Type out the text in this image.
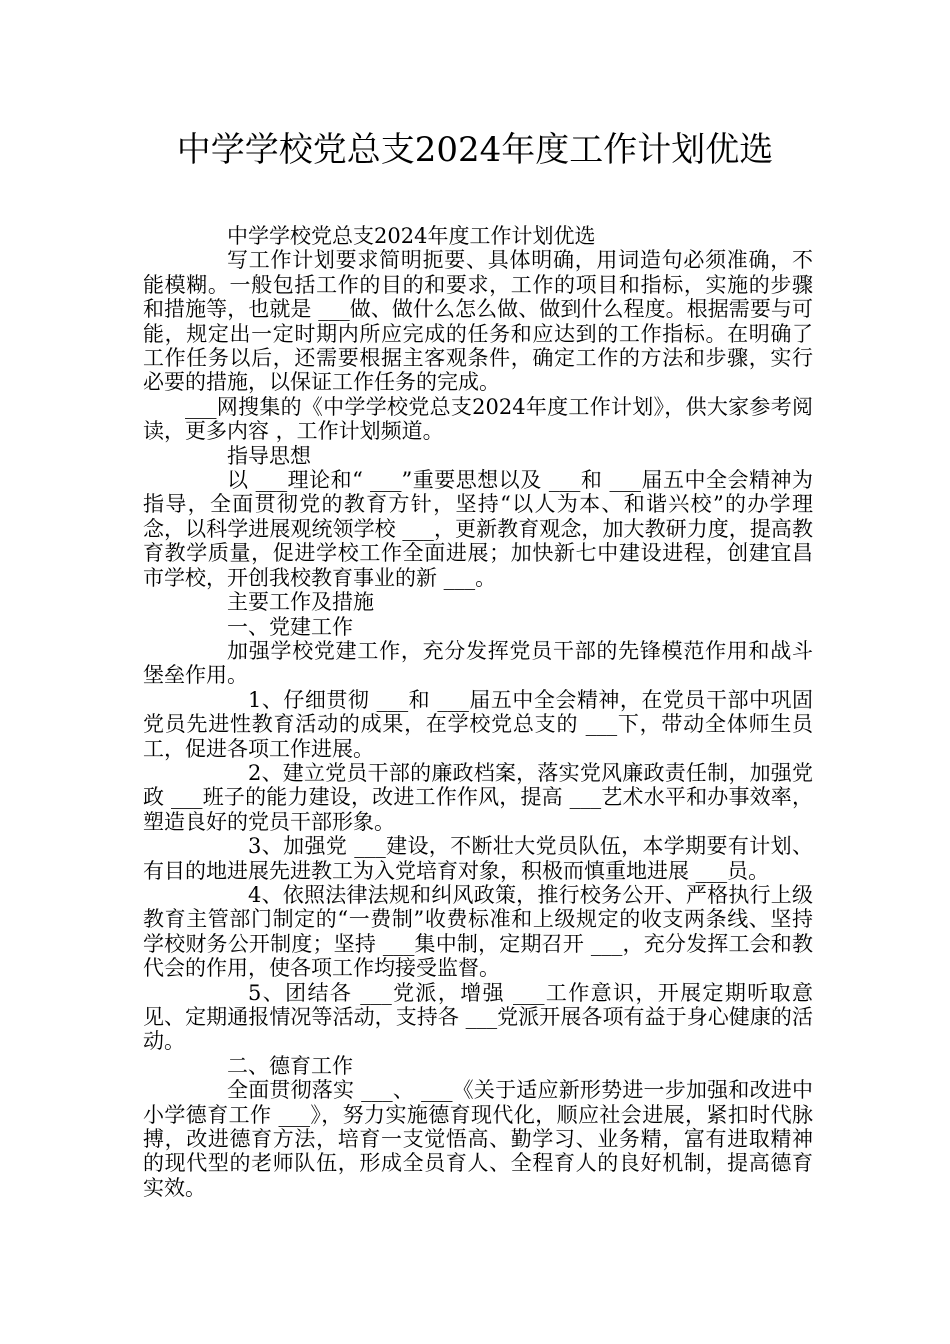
中学学校党总支2024年度工作计划优选

中学学校党总支2024年度工作计划优选

写工作计划要求简明扼要、具体明确，用词造句必须准确，不能模糊。一般包括工作的目的和要求，工作的项目和指标，实施的步骤和措施等，也就是 ___做、做什么怎么做、做到什么程度。根据需要与可能，规定出一定时期内所应完成的任务和应达到的工作指标。在明确了工作任务以后，还需要根据主客观条件，确定工作的方法和步骤，实行必要的措施，以保证工作任务的完成。

___网搜集的《中学学校党总支2024年度工作计划》，供大家参考阅读，更多内容 ，工作计划频道。

指导思想

以 ___理论和“ ___”重要思想以及 ___和 ___届五中全会精神为指导，全面贯彻党的教育方针，坚持“以人为本、和谐兴校”的办学理念，以科学进展观统领学校 ___，更新教育观念，加大教研力度，提高教育教学质量，促进学校工作全面进展；加快新七中建设进程，创建宜昌市学校，开创我校教育事业的新 ___。

主要工作及措施

一、党建工作

加强学校党建工作，充分发挥党员干部的先锋模范作用和战斗堡垒作用。

1、仔细贯彻 ___和 ___届五中全会精神，在党员干部中巩固党员先进性教育活动的成果，在学校党总支的 ___下，带动全体师生员工，促进各项工作进展。

2、建立党员干部的廉政档案，落实党风廉政责任制，加强党政 ___班子的能力建设，改进工作作风，提高 ___艺术水平和办事效率，塑造良好的党员干部形象。

3、加强党 ___建设，不断壮大党员队伍，本学期要有计划、有目的地进展先进教工为入党培育对象，积极而慎重地进展 ___员。

4、依照法律法规和纠风政策，推行校务公开、严格执行上级教育主管部门制定的“一费制”收费标准和上级规定的收支两条线、坚持学校财务公开制度；坚持 ___集中制，定期召开 ___，充分发挥工会和教代会的作用，使各项工作均接受监督。

5、团结各 ___党派，增强 ___工作意识，开展定期听取意见、定期通报情况等活动，支持各 ___党派开展各项有益于身心健康的活动。

二、德育工作

全面贯彻落实 ___、 ___《关于适应新形势进一步加强和改进中小学德育工作 ___》，努力实施德育现代化，顺应社会进展，紧扣时代脉搏，改进德育方法，培育一支觉悟高、勤学习、业务精，富有进取精神的现代型的老师队伍，形成全员育人、全程育人的良好机制，提高德育实效。
